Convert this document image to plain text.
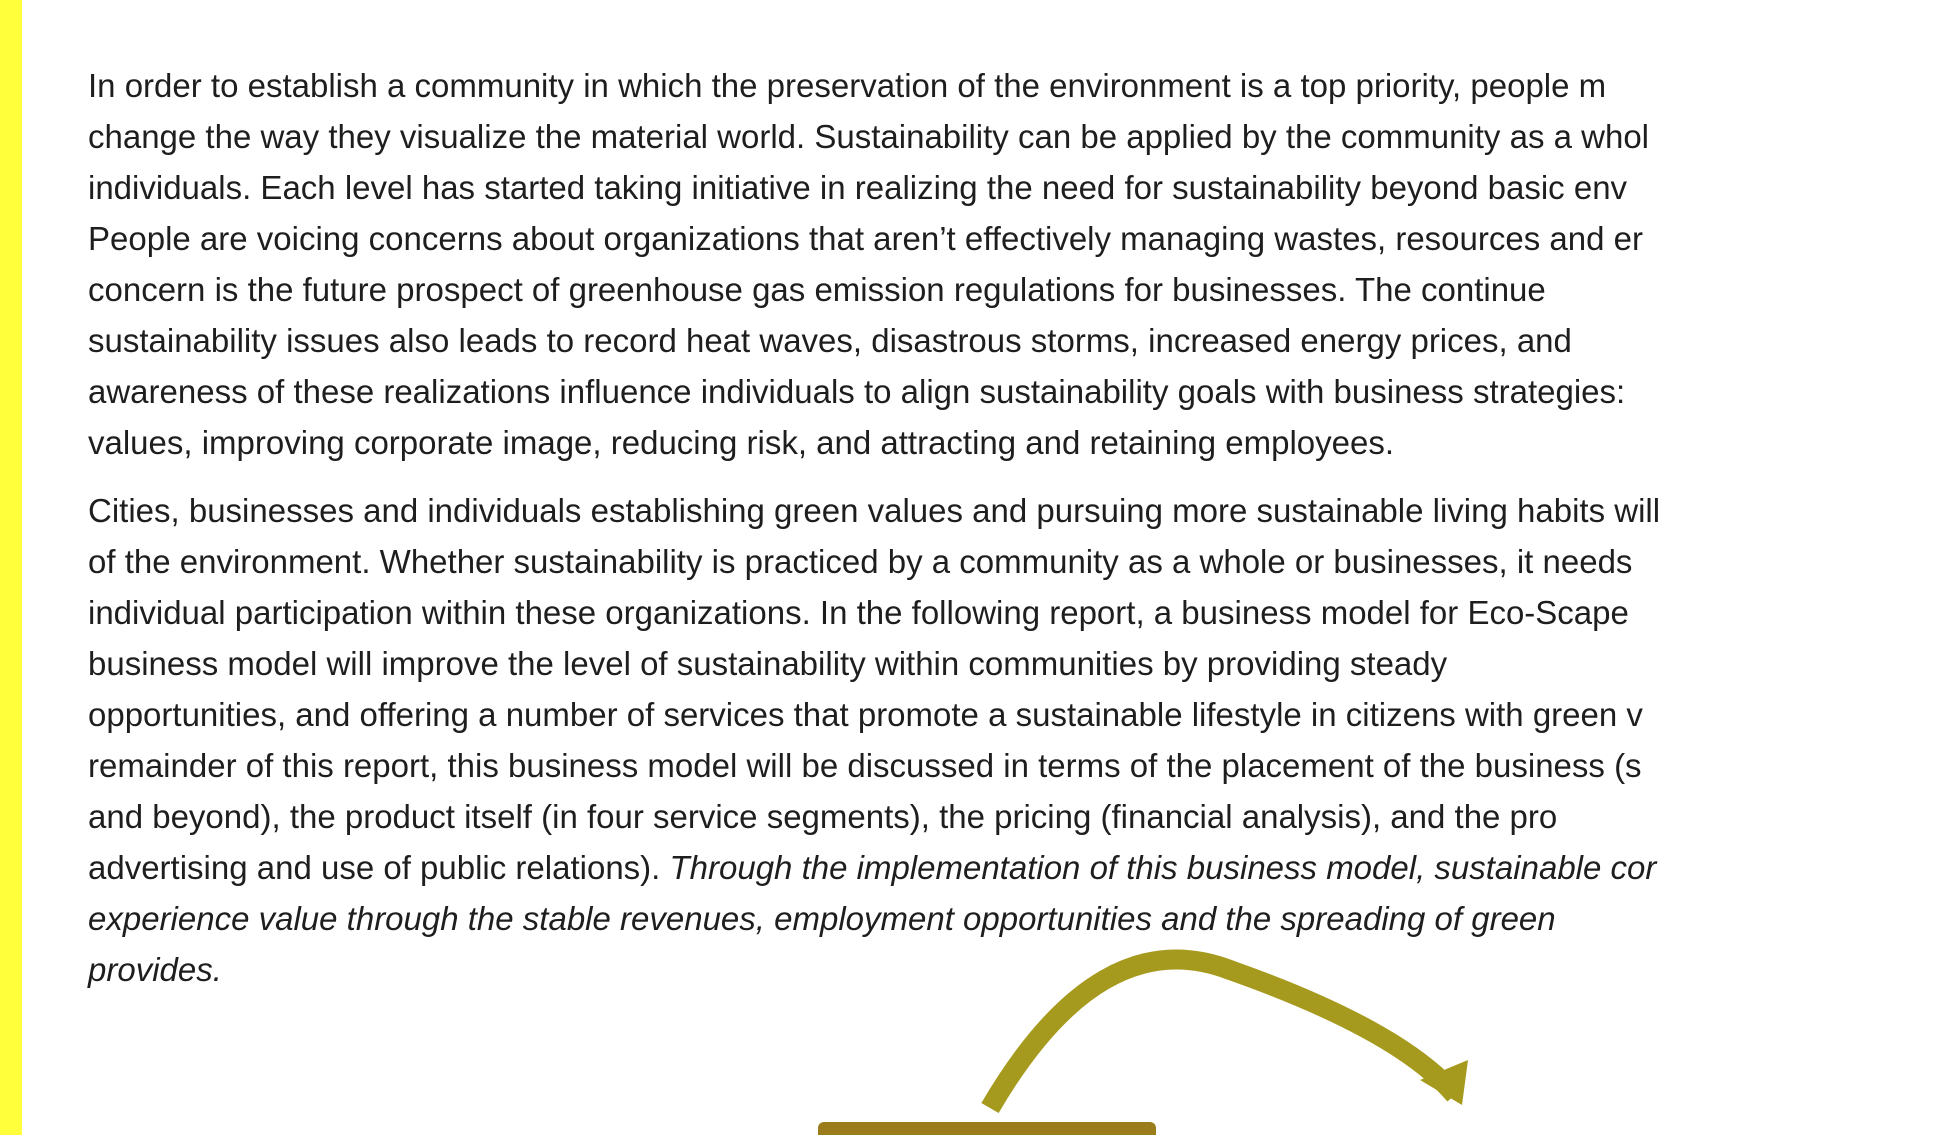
In order to establish a community in which the preservation of the environment is a top priority, people m
change the way they visualize the material world. Sustainability can be applied by the community as a whol
individuals. Each level has started taking initiative in realizing the need for sustainability beyond basic env
People are voicing concerns about organizations that aren’t effectively managing wastes, resources and er
concern is the future prospect of greenhouse gas emission regulations for businesses. The continue
sustainability issues also leads to record heat waves, disastrous storms, increased energy prices, and
awareness of these realizations influence individuals to align sustainability goals with business strategies:
values, improving corporate image, reducing risk, and attracting and retaining employees.

Cities, businesses and individuals establishing green values and pursuing more sustainable living habits will
of the environment. Whether sustainability is practiced by a community as a whole or businesses, it needs
individual participation within these organizations. In the following report, a business model for Eco-Scape
business model will improve the level of sustainability within communities by providing steady
opportunities, and offering a number of services that promote a sustainable lifestyle in citizens with green v
remainder of this report, this business model will be discussed in terms of the placement of the business (s
and beyond), the product itself (in four service segments), the pricing (financial analysis), and the pro
advertising and use of public relations). Through the implementation of this business model, sustainable cor
experience value through the stable revenues, employment opportunities and the spreading of green
provides.
